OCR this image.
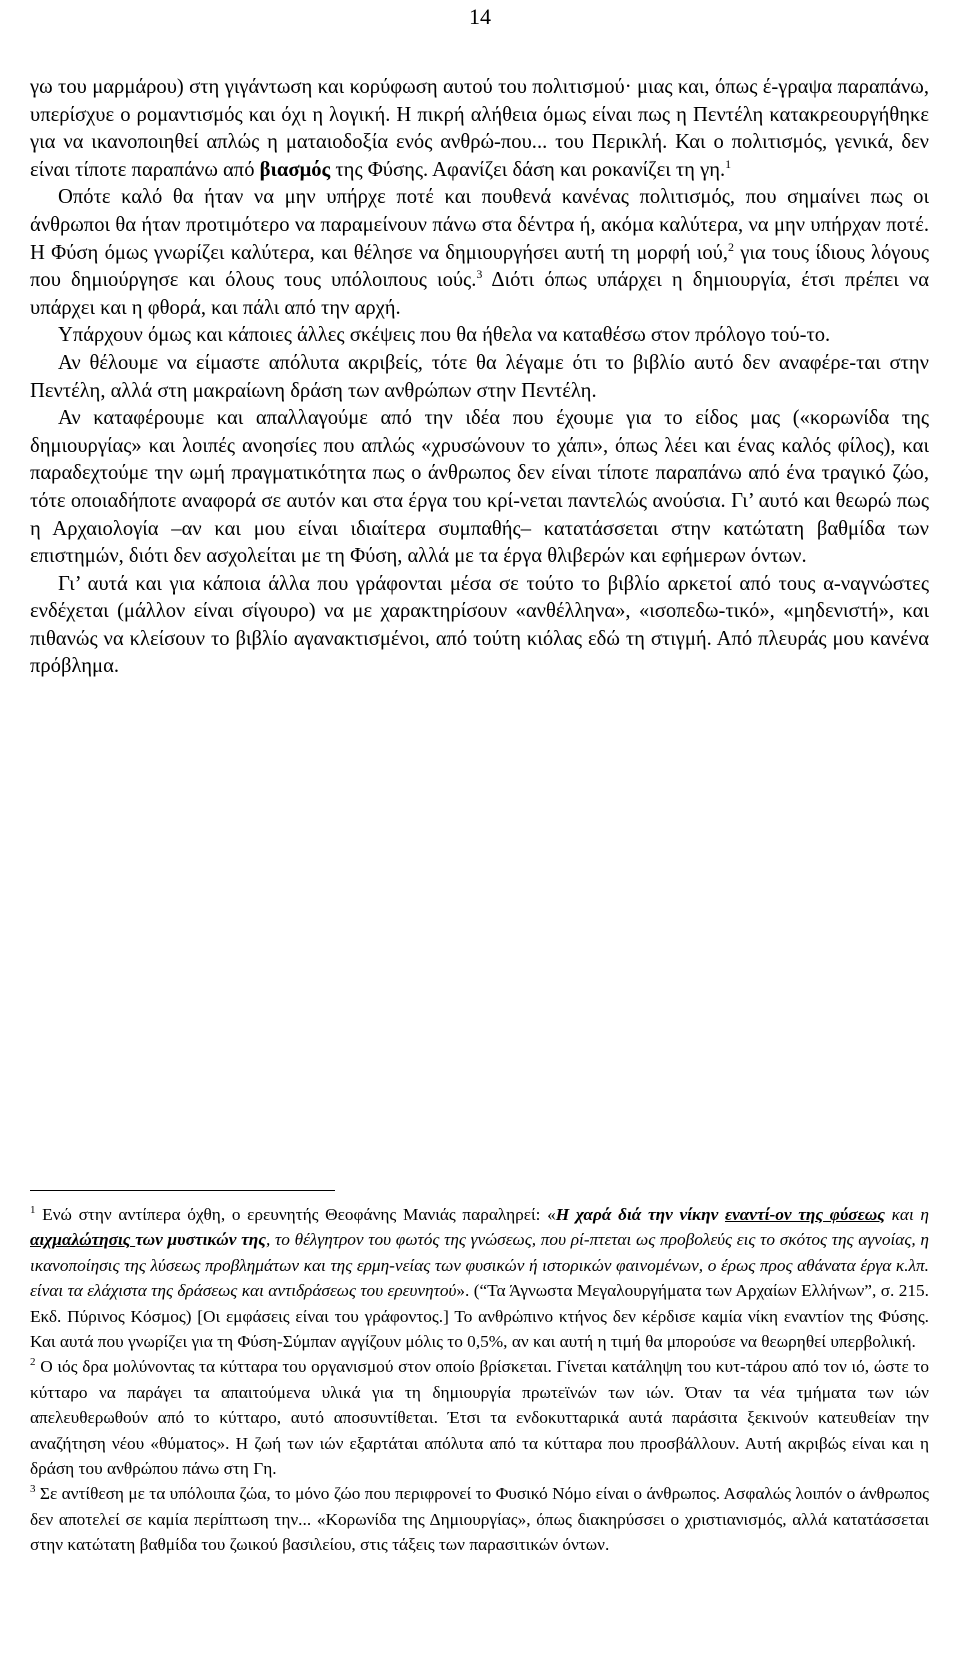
14

γω του μαρμάρου) στη γιγάντωση και κορύφωση αυτού του πολιτισμού· μιας και, όπως έ-γραψα παραπάνω, υπερίσχυε ο ρομαντισμός και όχι η λογική. Η πικρή αλήθεια όμως είναι πως η Πεντέλη κατακρεουργήθηκε για να ικανοποιηθεί απλώς η ματαιοδοξία ενός ανθρώ-που... του Περικλή. Και ο πολιτισμός, γενικά, δεν είναι τίποτε παραπάνω από βιασμός της Φύσης. Αφανίζει δάση και ροκανίζει τη γη.$^1$

Οπότε καλό θα ήταν να μην υπήρχε ποτέ και πουθενά κανένας πολιτισμός, που σημαίνει πως οι άνθρωποι θα ήταν προτιμότερο να παραμείνουν πάνω στα δέντρα ή, ακόμα καλύτερα, να μην υπήρχαν ποτέ. Η Φύση όμως γνωρίζει καλύτερα, και θέλησε να δημιουργήσει αυτή τη μορφή ιού,$^2$ για τους ίδιους λόγους που δημιούργησε και όλους τους υπόλοιπους ιούς.$^3$ Διότι όπως υπάρχει η δημιουργία, έτσι πρέπει να υπάρχει και η φθορά, και πάλι από την αρχή.

Υπάρχουν όμως και κάποιες άλλες σκέψεις που θα ήθελα να καταθέσω στον πρόλογο τού-το.

Αν θέλουμε να είμαστε απόλυτα ακριβείς, τότε θα λέγαμε ότι το βιβλίο αυτό δεν αναφέρε-ται στην Πεντέλη, αλλά στη μακραίωνη δράση των ανθρώπων στην Πεντέλη.

Αν καταφέρουμε και απαλλαγούμε από την ιδέα που έχουμε για το είδος μας («κορωνίδα της δημιουργίας» και λοιπές ανοησίες που απλώς «χρυσώνουν το χάπι», όπως λέει και ένας καλός φίλος), και παραδεχτούμε την ωμή πραγματικότητα πως ο άνθρωπος δεν είναι τίποτε παραπάνω από ένα τραγικό ζώο, τότε οποιαδήποτε αναφορά σε αυτόν και στα έργα του κρί-νεται παντελώς ανούσια. Γι’ αυτό και θεωρώ πως η Αρχαιολογία –αν και μου είναι ιδιαίτερα συμπαθής– κατατάσσεται στην κατώτατη βαθμίδα των επιστημών, διότι δεν ασχολείται με τη Φύση, αλλά με τα έργα θλιβερών και εφήμερων όντων.

Γι’ αυτά και για κάποια άλλα που γράφονται μέσα σε τούτο το βιβλίο αρκετοί από τους α-ναγνώστες ενδέχεται (μάλλον είναι σίγουρο) να με χαρακτηρίσουν «ανθέλληνα», «ισοπεδω-τικό», «μηδενιστή», και πιθανώς να κλείσουν το βιβλίο αγανακτισμένοι, από τούτη κιόλας εδώ τη στιγμή. Από πλευράς μου κανένα πρόβλημα.

$^1$ Ενώ στην αντίπερα όχθη, ο ερευνητής Θεοφάνης Μανιάς παραληρεί: «Η χαρά διά την νίκην εναντί-ον της φύσεως και η αιχμαλώτησις των μυστικών της, το θέλγητρον του φωτός της γνώσεως, που ρί-πτεται ως προβολεύς εις το σκότος της αγνοίας, η ικανοποίησις της λύσεως προβλημάτων και της ερμη-νείας των φυσικών ή ιστορικών φαινομένων, ο έρως προς αθάνατα έργα κ.λπ. είναι τα ελάχιστα της δράσεως και αντιδράσεως του ερευνητού». (“Τα Άγνωστα Μεγαλουργήματα των Αρχαίων Ελλήνων”, σ. 215. Εκδ. Πύρινος Κόσμος) [Οι εμφάσεις είναι του γράφοντος.] Το ανθρώπινο κτήνος δεν κέρδισε καμία νίκη εναντίον της Φύσης. Και αυτά που γνωρίζει για τη Φύση-Σύμπαν αγγίζουν μόλις το 0,5%, αν και αυτή η τιμή θα μπορούσε να θεωρηθεί υπερβολική.

$^2$ Ο ιός δρα μολύνοντας τα κύτταρα του οργανισμού στον οποίο βρίσκεται. Γίνεται κατάληψη του κυτ-τάρου από τον ιό, ώστε το κύτταρο να παράγει τα απαιτούμενα υλικά για τη δημιουργία πρωτεϊνών των ιών. Όταν τα νέα τμήματα των ιών απελευθερωθούν από το κύτταρο, αυτό αποσυντίθεται. Έτσι τα ενδοκυτταρικά αυτά παράσιτα ξεκινούν κατευθείαν την αναζήτηση νέου «θύματος». Η ζωή των ιών εξαρτάται απόλυτα από τα κύτταρα που προσβάλλουν. Αυτή ακριβώς είναι και η δράση του ανθρώπου πάνω στη Γη.

$^3$ Σε αντίθεση με τα υπόλοιπα ζώα, το μόνο ζώο που περιφρονεί το Φυσικό Νόμο είναι ο άνθρωπος. Ασφαλώς λοιπόν ο άνθρωπος δεν αποτελεί σε καμία περίπτωση την... «Κορωνίδα της Δημιουργίας», όπως διακηρύσσει ο χριστιανισμός, αλλά κατατάσσεται στην κατώτατη βαθμίδα του ζωικού βασιλείου, στις τάξεις των παρασιτικών όντων.
